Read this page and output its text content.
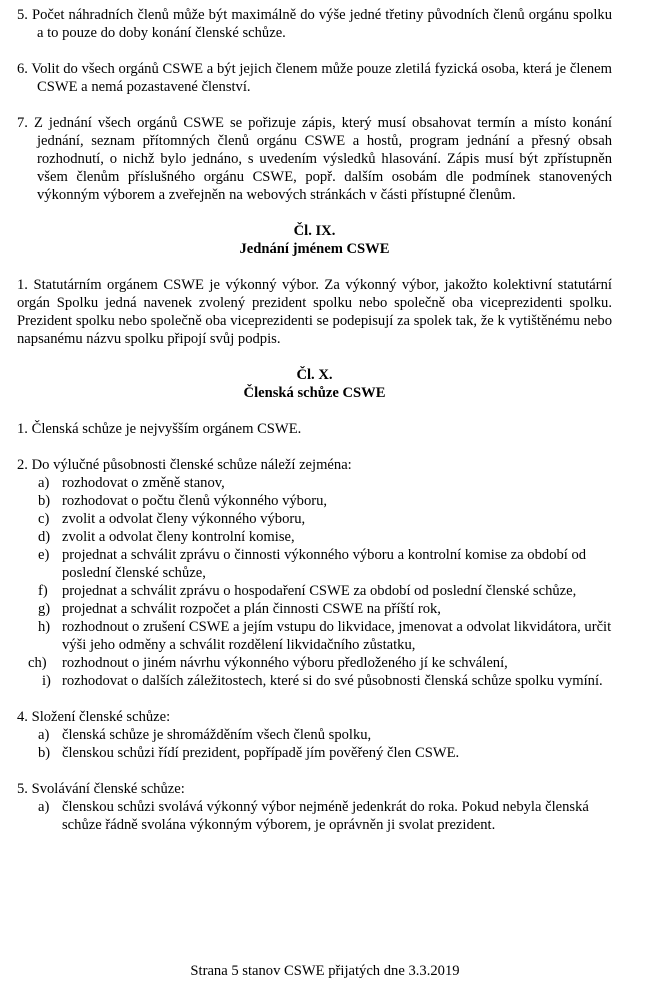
5. Počet náhradních členů může být maximálně do výše jedné třetiny původních členů orgánu spolku a to pouze do doby konání členské schůze.
6. Volit do všech orgánů CSWE a být jejich členem může pouze zletilá fyzická osoba, která je členem CSWE a nemá pozastavené členství.
7. Z jednání všech orgánů CSWE se pořizuje zápis, který musí obsahovat termín a místo konání jednání, seznam přítomných členů orgánu CSWE a hostů, program jednání a přesný obsah rozhodnutí, o nichž bylo jednáno, s uvedením výsledků hlasování. Zápis musí být zpřístupněn všem členům příslušného orgánu CSWE, popř. dalším osobám dle podmínek stanovených výkonným výborem a zveřejněn na webových stránkách v části přístupné členům.
Čl. IX.
Jednání jménem CSWE
1. Statutárním orgánem CSWE je výkonný výbor. Za výkonný výbor, jakožto kolektivní statutární orgán Spolku jedná navenek zvolený prezident spolku nebo společně oba viceprezidenti spolku. Prezident spolku nebo společně oba viceprezidenti se podepisují za spolek tak, že k vytištěnému nebo napsanému názvu spolku připojí svůj podpis.
Čl. X.
Členská schůze CSWE
1. Členská schůze je nejvyšším orgánem CSWE.
2. Do výlučné působnosti členské schůze náleží zejména:
a) rozhodovat o změně stanov,
b) rozhodovat o počtu členů výkonného výboru,
c) zvolit a odvolat členy výkonného výboru,
d) zvolit a odvolat členy kontrolní komise,
e) projednat a schválit zprávu o činnosti výkonného výboru a kontrolní komise za období od poslední členské schůze,
f) projednat a schválit zprávu o hospodaření CSWE za období od poslední členské schůze,
g) projednat a schválit rozpočet a plán činnosti CSWE na příští rok,
h) rozhodnout o zrušení CSWE a jejím vstupu do likvidace, jmenovat a odvolat likvidátora, určit výši jeho odměny a schválit rozdělení likvidačního zůstatku,
ch) rozhodnout o jiném návrhu výkonného výboru předloženého jí ke schválení,
i) rozhodovat o dalších záležitostech, které si do své působnosti členská schůze spolku vymíní.
4. Složení členské schůze:
a) členská schůze je shromážděním všech členů spolku,
b) členskou schůzi řídí prezident, popřípadě jím pověřený člen CSWE.
5. Svolávání členské schůze:
a) členskou schůzi svolává výkonný výbor nejméně jedenkrát do roka. Pokud nebyla členská schůze řádně svolána výkonným výborem, je oprávněn ji svolat prezident.
Strana 5 stanov CSWE přijatých dne 3.3.2019
